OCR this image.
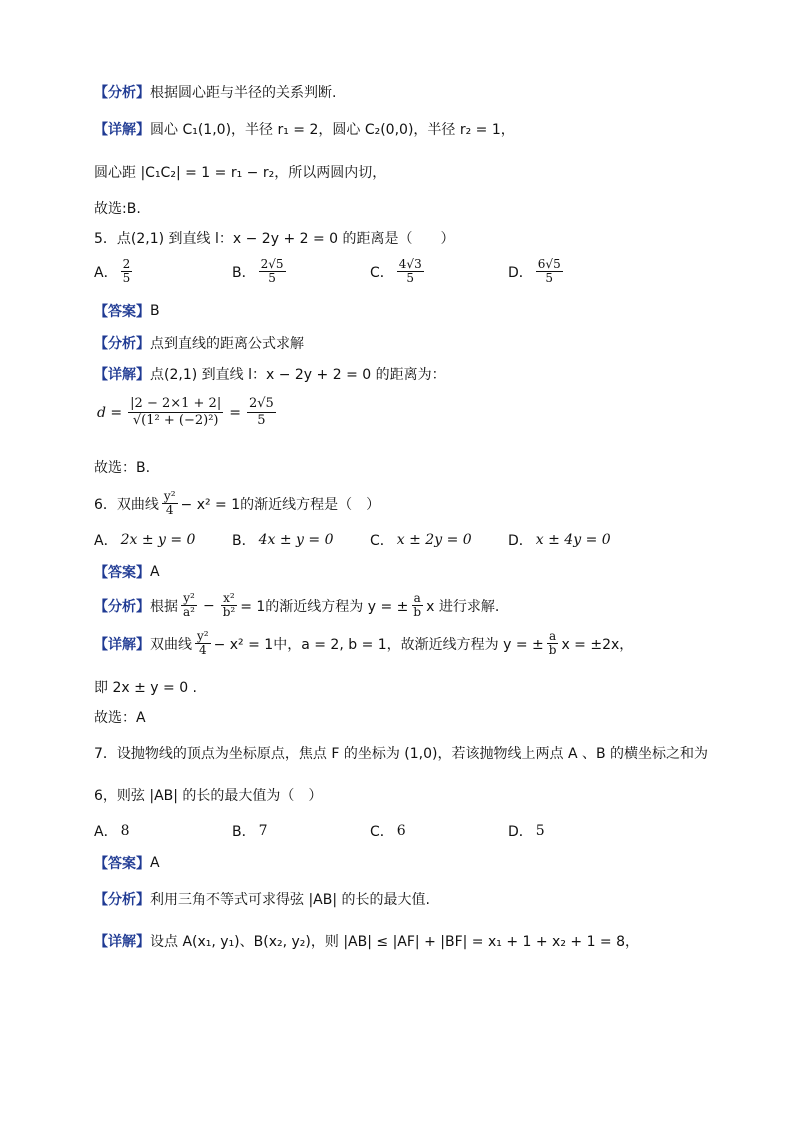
【分析】 根据圆心距与半径的关系判断.
【详解】 圆心 C₁(1,0)，半径 r₁ = 2，圆心 C₂(0,0)，半径 r₂ = 1，
圆心距 |C₁C₂| = 1 = r₁ − r₂，所以两圆内切，
故选:B.
5．点(2,1) 到直线 l：x − 2y + 2 = 0 的距离是（　　）
A． $\frac{2}{5}$	B． $\frac{2√5}{5}$	C． $\frac{4√3}{5}$	D． $\frac{6√5}{5}$
【答案】 B
【分析】 点到直线的距离公式求解
【详解】 点(2,1) 到直线 l：x − 2y + 2 = 0 的距离为：
$d = \frac{|2 - 2\times 1 + 2|}{\text{√(1² + (−2)²)}} = \frac{2√5}{5}$
故选：B.
6．双曲线 $\frac{\text{y²}}{4} - x^2 = 1$的渐近线方程是（　）
A． 2x ± y = 0	B． 4x ± y = 0	C． x ± 2y = 0	D． x ± 4y = 0
【答案】 A
【分析】 根据 $\frac{\text{y²}}{\text{a²}} - \frac{\text{x²}}{\text{b²}} = 1$的渐近线方程为 y = ± $\frac{a}{b}$ x 进行求解.
【详解】 双曲线 $\frac{\text{y²}}{4} - x^2 = 1$中，a = 2, b = 1，故渐近线方程为 y = ± $\frac{a}{b}$ x = ±2x，
即 2x ± y = 0 .
故选：A
7．设抛物线的顶点为坐标原点，焦点 F 的坐标为 (1,0)，若该抛物线上两点 A 、B 的横坐标之和为
6，则弦 |AB| 的长的最大值为（　）
A． 8	B． 7	C． 6	D． 5
【答案】 A
【分析】 利用三角不等式可求得弦 |AB| 的长的最大值.
【详解】 设点 A(x₁, y₁)、B(x₂, y₂)，则 |AB| ≤ |AF| + |BF| = x₁ + 1 + x₂ + 1 = 8，
